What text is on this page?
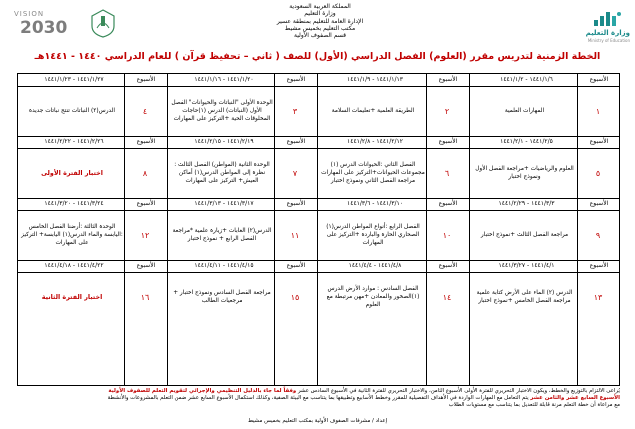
VISION
2030
المملكة العربية السعودية
وزارة التعليم
الإدارة العامة للتعليم بمنطقة عسير
مكتب التعليم بخميس مشيط
قسم الصفوف الأولية	وزارة التعليم
Ministry of Education
الخطة الزمنية لتدريس مقرر (العلوم) الفصل الدراسي (الأول) للصف ( ثاني – تحفيظ قرآن ) للعام الدراسي ١٤٤٠ - ١٤٤١هـ
١٤٤١/١/٦ - ١٤٤١/١/٢	الأسبوع
١
المهارات العلمية
١٤٤١/١/١٣ - ١٤٤١/١/٩	الأسبوع
٢
الطريقة العلمية +تعليمات السلامة
١٤٤١/١/٢٠ - ١٤٤١/١/١٦	الأسبوع
٣
الوحدة الأولى "النباتات والحيوانات" الفصل الأول (النباتات) الدرس (١)حاجات المخلوقات الحية +التركيز على المهارات
١٤٤١/١/٢٧ - ١٤٤١/١/٢٣	الأسبوع
٤
الدرس(٢) النباتات تنتج نباتات جديدة
١٤٤١/٢/٥ - ١٤٤١/٢/١	الأسبوع
٥
العلوم والرياضيات +مراجعة الفصل الأول ونموذج اختبار
١٤٤١/٢/١٢ - ١٤٤١/٢/٨	الأسبوع
٦
الفصل الثاني :الحيوانات الدرس (١) مجموعات الحيوانات+التركيز على المهارات مراجعة الفصل الثاني ونموذج اختبار
١٤٤١/٢/١٩ - ١٤٤١/٢/١٥	الأسبوع
٧
الوحدة الثانية (المواطن) الفصل الثالث : نظرة إلى المواطن الدرس(١) أماكن العيش+ التركيز على المهارات
١٤٤١/٢/٢٦ - ١٤٤١/٢/٢٢	الأسبوع
٨
اختبار الفترة الأولى
١٤٤١/٣/٣ - ١٤٤١/٢/٢٩	الأسبوع
٩
مراجعة الفصل الثالث +نموذج اختبار
١٤٤١/٣/١٠ - ١٤٤١/٣/٦	الأسبوع
١٠
الفصل الرابع :أنواع المواطن الدرس(١) الصحاري الحارة والباردة +التركيز على المهارات
١٤٤١/٣/١٧ - ١٤٤١/٣/١٣	الأسبوع
١١
الدرس(٢) الغابات +زيارة علمية *مراجعة الفصل الرابع + نموذج اختبار
١٤٤١/٣/٢٤ - ١٤٤١/٣/٢٠	الأسبوع
١٢
الوحدة الثالثة :أرضنا الفصل الخامس :اليابسة والماء الدرس(١) اليابسة+ التركيز على المهارات
١٤٤١/٤/١ - ١٤٤١/٣/٢٧	الأسبوع
١٣
الدرس (٢) الماء على الأرض كتابة علمية مراجعة الفصل الخامس +نموذج اختبار
١٤٤١/٤/٨ - ١٤٤١/٤/٤	الأسبوع
١٤
الفصل السادس : موارد الأرض الدرس (١)الصخور والمعادن +مهن مرتبطة مع العلوم
١٤٤١/٤/١٥ - ١٤٤١/٤/١١	الأسبوع
١٥
مراجعة الفصل السادس ونموذج اختبار + مرجعيات الطالب
١٤٤١/٤/٢٢ - ١٤٤١/٤/١٨	الأسبوع
١٦
اختبار الفترة الثانية
يُراعى الالتزام بالتوزيع والخطط، ويكون الاختبار التحريري للفترة الأولى الأسبوع الثامن، والاختبار التحريري للفترة الثانية في الأسبوع السادس عشر وفقاً لما جاء بالدليل التنظيمي والإجرائي لتقويم التعلم للصفوف الأولية
الأسبوع السابع عشر والثامن عشر يتم التعامل مع المهارات الواردة في الأهداف التفصيلية للمقرر وخطط الأسابيع وتطبيقها بما يتناسب مع البيئة الصفية، وكذلك استكمال الأسبوع السابع عشر ضمن التعلم بالمشروعات والأنشطة
مع مراعاة أن خطة التعلم مرنة قابلة للتعديل بما يتناسب مع مستويات الطلاب
إعداد / مشرفات الصفوف الأولية بمكتب التعليم بخميس مشيط
